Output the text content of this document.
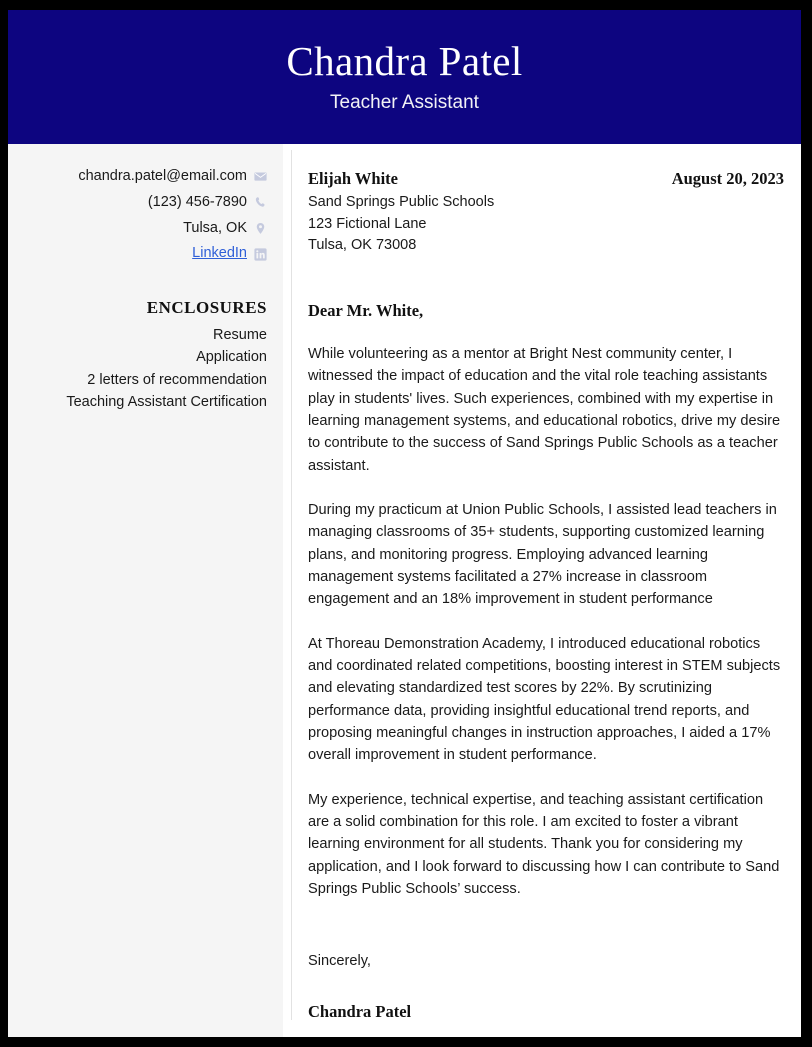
Chandra Patel
Teacher Assistant
chandra.patel@email.com
(123) 456-7890
Tulsa, OK
LinkedIn
ENCLOSURES
Resume
Application
2 letters of recommendation
Teaching Assistant Certification
Elijah White
Sand Springs Public Schools
123 Fictional Lane
Tulsa, OK 73008
August 20, 2023
Dear Mr. White,
While volunteering as a mentor at Bright Nest community center, I witnessed the impact of education and the vital role teaching assistants play in students' lives. Such experiences, combined with my expertise in learning management systems, and educational robotics, drive my desire to contribute to the success of Sand Springs Public Schools as a teacher assistant.
During my practicum at Union Public Schools, I assisted lead teachers in managing classrooms of 35+ students, supporting customized learning plans, and monitoring progress. Employing advanced learning management systems facilitated a 27% increase in classroom engagement and an 18% improvement in student performance
At Thoreau Demonstration Academy, I introduced educational robotics and coordinated related competitions, boosting interest in STEM subjects and elevating standardized test scores by 22%. By scrutinizing performance data, providing insightful educational trend reports, and proposing meaningful changes in instruction approaches, I aided a 17% overall improvement in student performance.
My experience, technical expertise, and teaching assistant certification are a solid combination for this role. I am excited to foster a vibrant learning environment for all students. Thank you for considering my application, and I look forward to discussing how I can contribute to Sand Springs Public Schools’ success.
Sincerely,
Chandra Patel
